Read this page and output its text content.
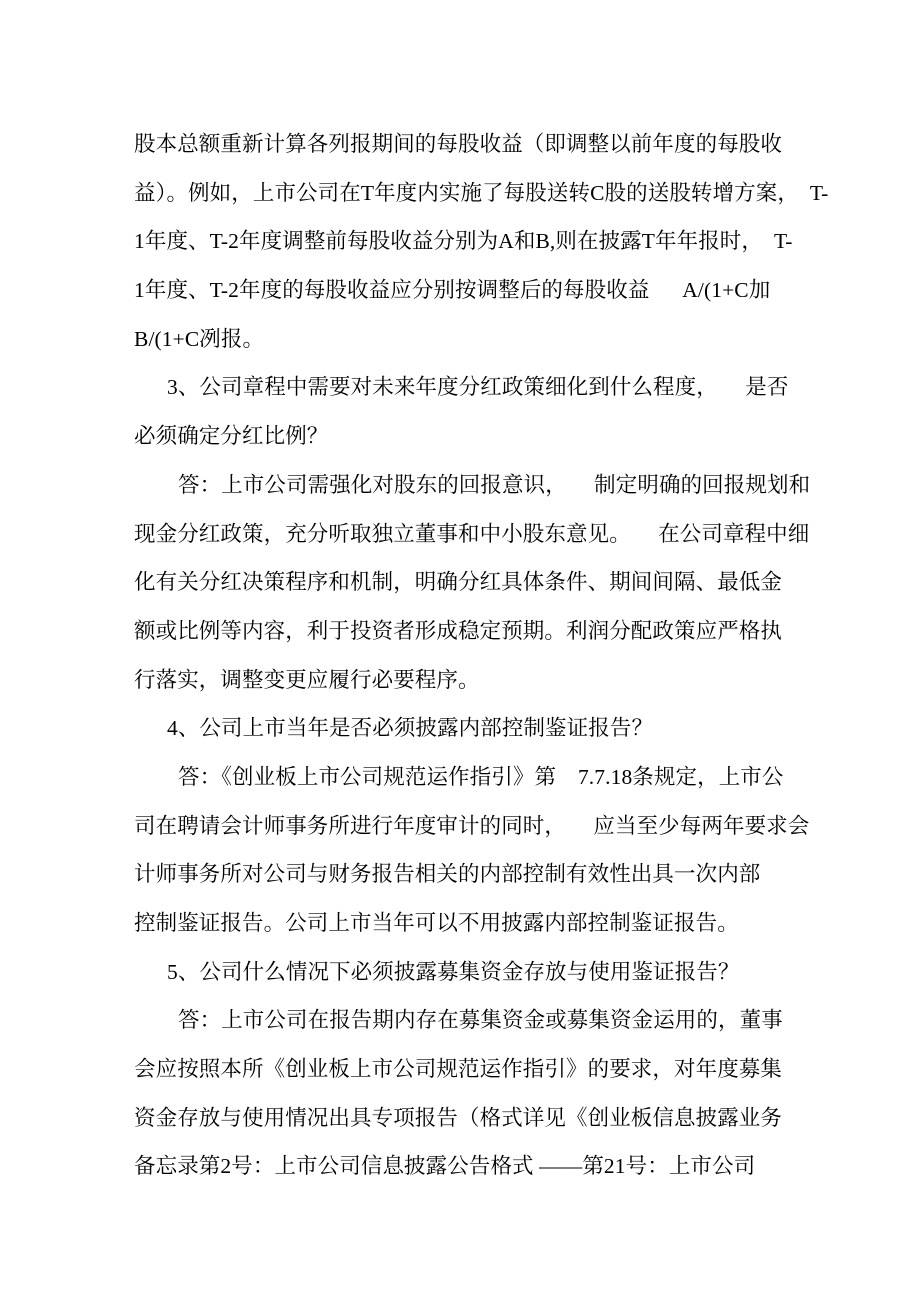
股本总额重新计算各列报期间的每股收益（即调整以前年度的每股收
益）。例如，上市公司在T年度内实施了每股送转C股的送股转增方案，  T-
1年度、T-2年度调整前每股收益分别为A和B,则在披露T年年报时，  T-
1年度、T-2年度的每股收益应分别按调整后的每股收益      A/(1+C加
B/(1+C冽报。
3、公司章程中需要对未来年度分红政策细化到什么程度，     是否
必须确定分红比例？
答：上市公司需强化对股东的回报意识，     制定明确的回报规划和
现金分红政策，充分听取独立董事和中小股东意见。     在公司章程中细
化有关分红决策程序和机制，明确分红具体条件、期间间隔、最低金
额或比例等内容，利于投资者形成稳定预期。利润分配政策应严格执
行落实，调整变更应履行必要程序。
4、公司上市当年是否必须披露内部控制鉴证报告？
答：《创业板上市公司规范运作指引》第    7.7.18条规定，上市公
司在聘请会计师事务所进行年度审计的同时，     应当至少每两年要求会
计师事务所对公司与财务报告相关的内部控制有效性出具一次内部
控制鉴证报告。公司上市当年可以不用披露内部控制鉴证报告。
5、公司什么情况下必须披露募集资金存放与使用鉴证报告？
答：上市公司在报告期内存在募集资金或募集资金运用的，董事
会应按照本所《创业板上市公司规范运作指引》的要求，对年度募集
资金存放与使用情况出具专项报告（格式详见《创业板信息披露业务
备忘录第2号：上市公司信息披露公告格式 ——第21号：上市公司
